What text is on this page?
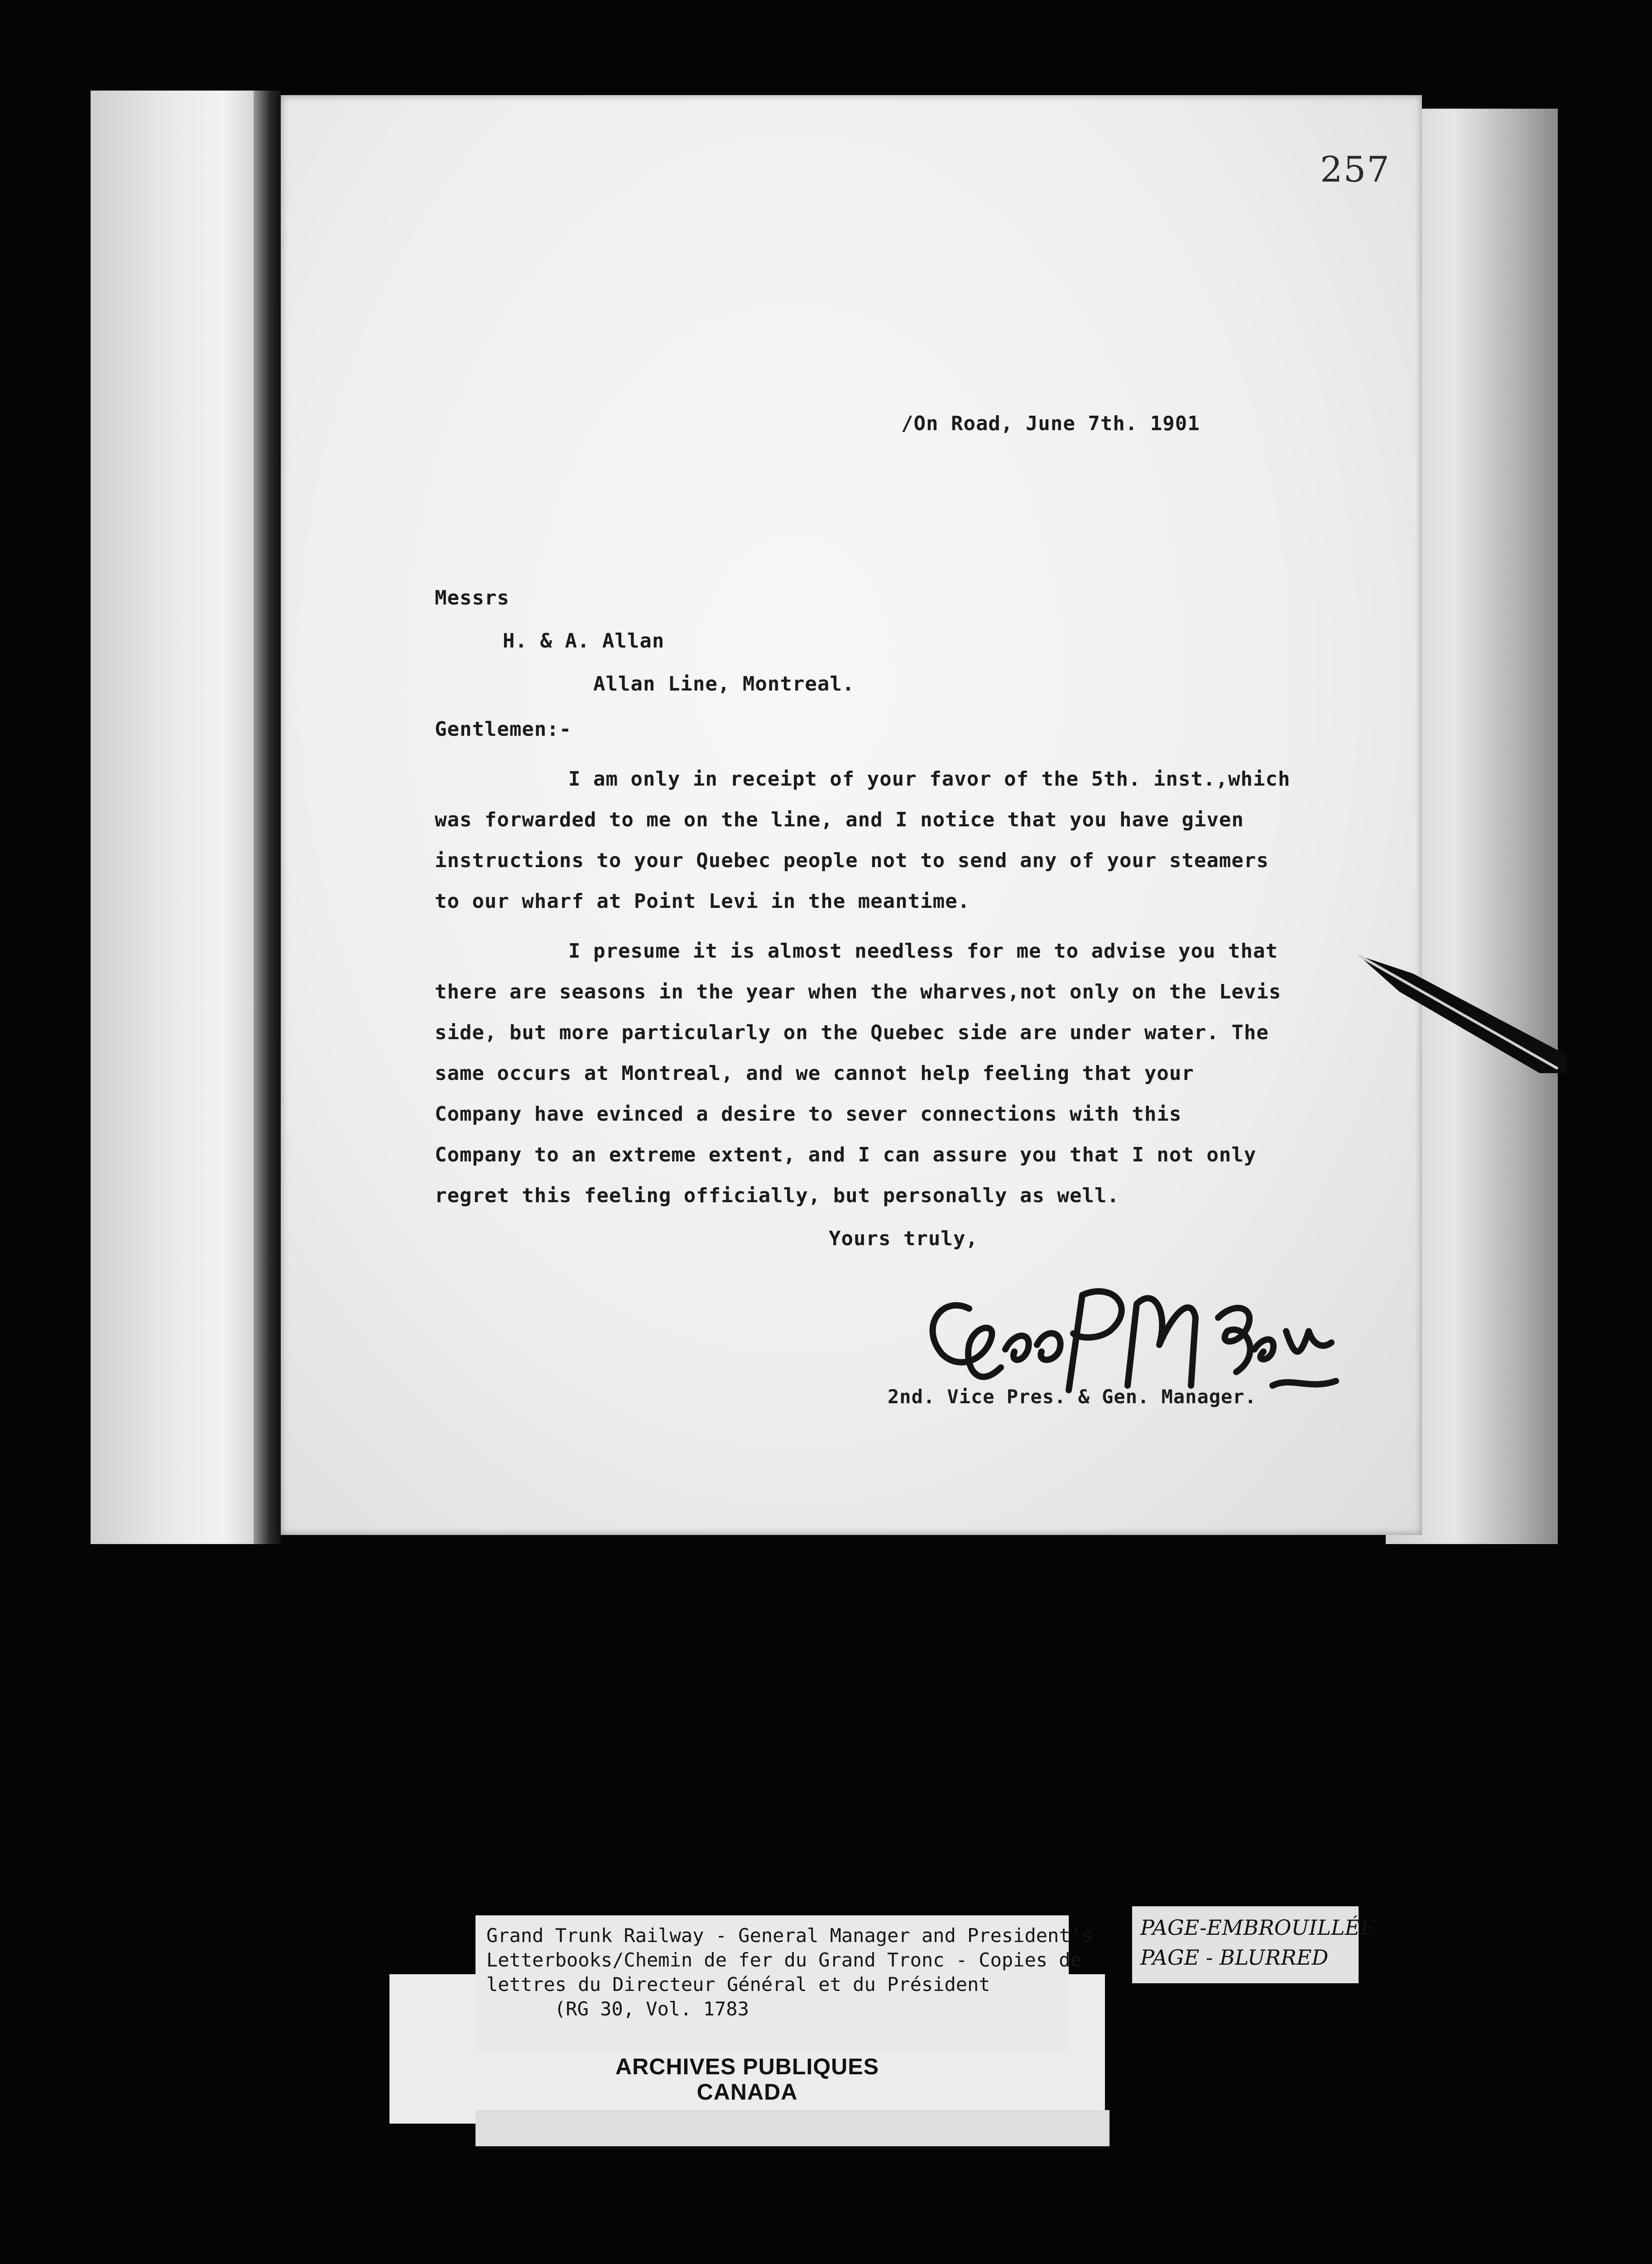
257
/On Road, June 7th. 1901
Messrs
H. & A. Allan
Allan Line, Montreal.
Gentlemen:-
I am only in receipt of your favor of the 5th. inst.,which
was forwarded to me on the line, and I notice that you have given
instructions to your Quebec people not to send any of your steamers
to our wharf at Point Levi in the meantime.
I presume it is almost needless for me to advise you that
there are seasons in the year when the wharves,not only on the Levis
side, but more particularly on the Quebec side are under water. The
same occurs at Montreal, and we cannot help feeling that your
Company have evinced a desire to sever connections with this
Company to an extreme extent, and I can assure you that I not only
regret this feeling officially, but personally as well.
Yours truly,
2nd. Vice Pres. & Gen. Manager.
ARCHIVES PUBLIQUES
CANADA
Grand Trunk Railway - General Manager and President's
Letterbooks/Chemin de fer du Grand Tronc - Copies de
lettres du Directeur Général et du Président
(RG 30, Vol. 1783
PAGE-EMBROUILLÉE
PAGE - BLURRED
